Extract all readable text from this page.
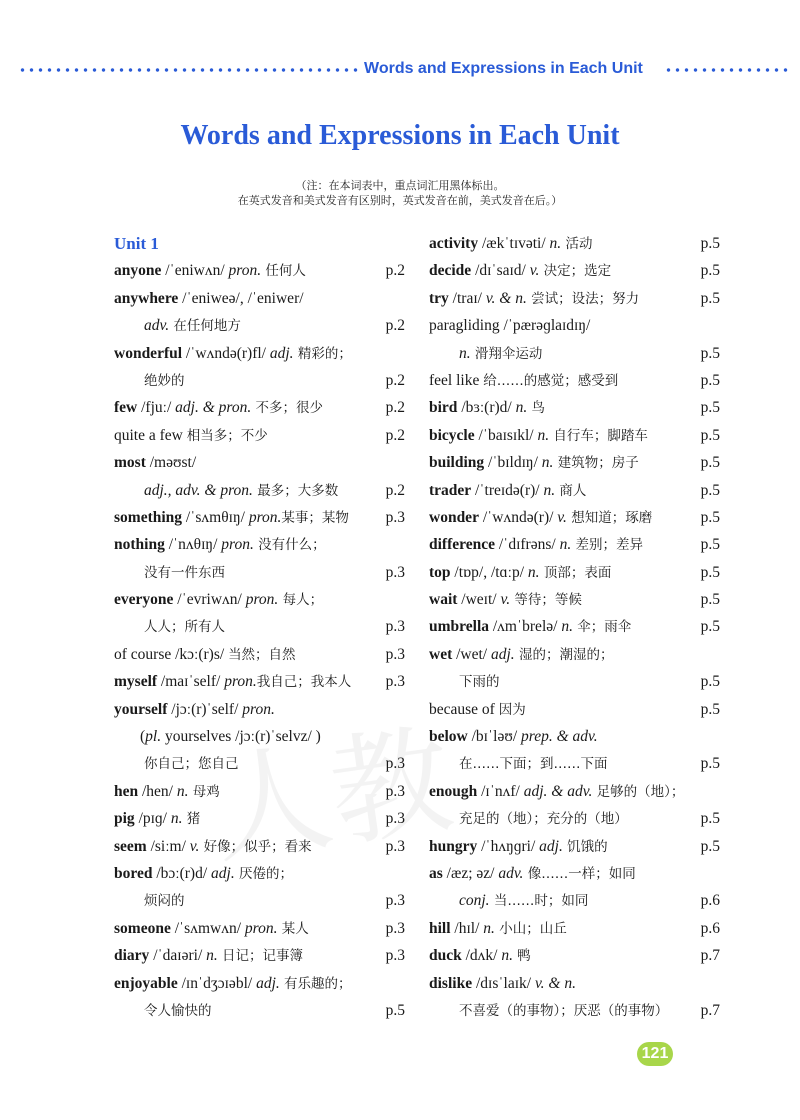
Words and Expressions in Each Unit
Words and Expressions in Each Unit
（注：在本词表中，重点词汇用黑体标出。
在英式发音和美式发音有区别时，英式发音在前，美式发音在后。）
Unit 1
anyone /ˈeniwʌn/ pron. 任何人	p.2
anywhere /ˈeniweə/, /ˈeniwer/
adv. 在任何地方	p.2
wonderful /ˈwʌndə(r)fl/ adj. 精彩的；
绝妙的	p.2
few /fjuː/ adj. & pron. 不多；很少	p.2
quite a few 相当多；不少	p.2
most /məʊst/
adj., adv. & pron. 最多；大多数	p.2
something /ˈsʌmθɪŋ/ pron.某事；某物 p.3
nothing /ˈnʌθɪŋ/ pron. 没有什么；
没有一件东西	p.3
everyone /ˈevriwʌn/ pron. 每人；
人人；所有人	p.3
of course /kɔː(r)s/ 当然；自然	p.3
myself /maɪˈself/ pron.我自己；我本人 p.3
yourself /jɔː(r)ˈself/ pron.
(pl. yourselves /jɔː(r)ˈselvz/ )
你自己；您自己	p.3
hen /hen/ n. 母鸡	p.3
pig /pɪɡ/ n. 猪	p.3
seem /siːm/ v. 好像；似乎；看来	p.3
bored /bɔː(r)d/ adj. 厌倦的；
烦闷的	p.3
someone /ˈsʌmwʌn/ pron. 某人	p.3
diary /ˈdaɪəri/ n. 日记；记事簿	p.3
enjoyable /ɪnˈdʒɔɪəbl/ adj. 有乐趣的；
令人愉快的	p.5
activity /ækˈtɪvəti/ n. 活动	p.5
decide /dɪˈsaɪd/ v. 决定；选定	p.5
try /traɪ/ v. & n. 尝试；设法；努力	p.5
paragliding /ˈpærəɡlaɪdɪŋ/
n. 滑翔伞运动	p.5
feel like 给……的感觉；感受到	p.5
bird /bɜː(r)d/ n. 鸟	p.5
bicycle /ˈbaɪsɪkl/ n. 自行车；脚踏车	p.5
building /ˈbɪldɪŋ/ n. 建筑物；房子	p.5
trader /ˈtreɪdə(r)/ n. 商人	p.5
wonder /ˈwʌndə(r)/ v. 想知道；琢磨	p.5
difference /ˈdɪfrəns/ n. 差别；差异	p.5
top /tɒp/, /tɑːp/ n. 顶部；表面	p.5
wait /weɪt/ v. 等待；等候	p.5
umbrella /ʌmˈbrelə/ n. 伞；雨伞	p.5
wet /wet/ adj. 湿的；潮湿的；
下雨的	p.5
because of 因为	p.5
below /bɪˈləʊ/ prep. & adv.
在……下面；到……下面	p.5
enough /ɪˈnʌf/ adj. & adv. 足够的（地）；
充足的（地）；充分的（地）	p.5
hungry /ˈhʌŋɡri/ adj. 饥饿的	p.5
as /æz; əz/ adv. 像……一样；如同
conj. 当……时；如同	p.6
hill /hɪl/ n. 小山；山丘	p.6
duck /dʌk/ n. 鸭	p.7
dislike /dɪsˈlaɪk/ v. & n.
不喜爱（的事物）；厌恶（的事物） p.7
121
